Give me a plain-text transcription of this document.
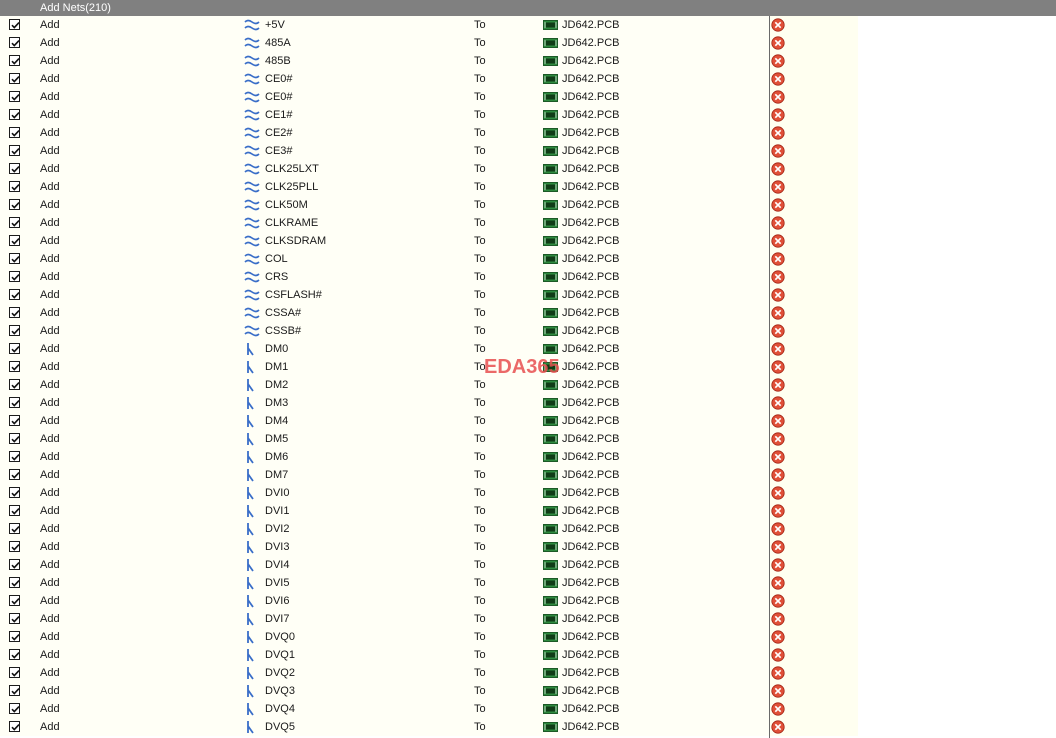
Add Nets(210)
Add	+5V	To	JD642.PCB
Add	485A	To	JD642.PCB
Add	485B	To	JD642.PCB
Add	CE0#	To	JD642.PCB
Add	CE0#	To	JD642.PCB
Add	CE1#	To	JD642.PCB
Add	CE2#	To	JD642.PCB
Add	CE3#	To	JD642.PCB
Add	CLK25LXT	To	JD642.PCB
Add	CLK25PLL	To	JD642.PCB
Add	CLK50M	To	JD642.PCB
Add	CLKRAME	To	JD642.PCB
Add	CLKSDRAM	To	JD642.PCB
Add	COL	To	JD642.PCB
Add	CRS	To	JD642.PCB
Add	CSFLASH#	To	JD642.PCB
Add	CSSA#	To	JD642.PCB
Add	CSSB#	To	JD642.PCB
Add	DM0	To	JD642.PCB
Add	DM1	To	JD642.PCB
Add	DM2	To	JD642.PCB
Add	DM3	To	JD642.PCB
Add	DM4	To	JD642.PCB
Add	DM5	To	JD642.PCB
Add	DM6	To	JD642.PCB
Add	DM7	To	JD642.PCB
Add	DVI0	To	JD642.PCB
Add	DVI1	To	JD642.PCB
Add	DVI2	To	JD642.PCB
Add	DVI3	To	JD642.PCB
Add	DVI4	To	JD642.PCB
Add	DVI5	To	JD642.PCB
Add	DVI6	To	JD642.PCB
Add	DVI7	To	JD642.PCB
Add	DVQ0	To	JD642.PCB
Add	DVQ1	To	JD642.PCB
Add	DVQ2	To	JD642.PCB
Add	DVQ3	To	JD642.PCB
Add	DVQ4	To	JD642.PCB
Add	DVQ5	To	JD642.PCB
EDA365
